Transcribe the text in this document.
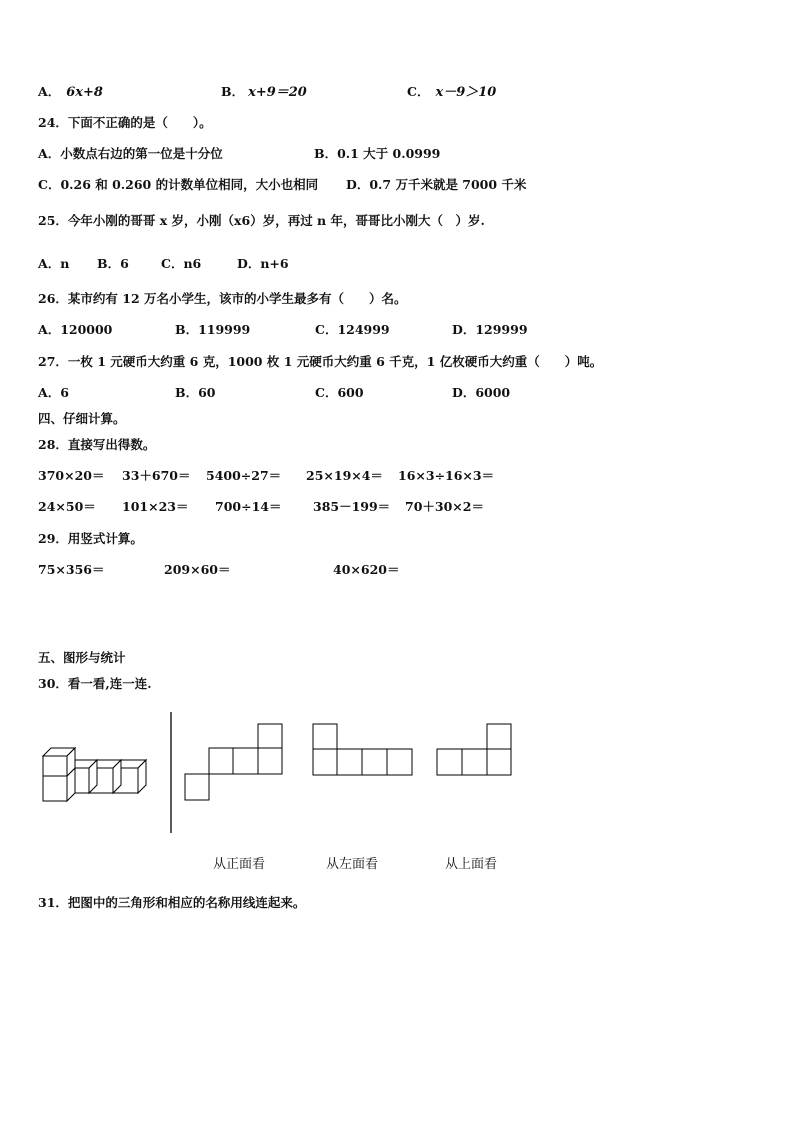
A． 6x+8	B． x+9＝20	C． x－9＞10
24．下面不正确的是（　　）。
A．小数点右边的第一位是十分位	B．0.1 大于 0.0999
C．0.26 和 0.260 的计数单位相同，大小也相同 D．0.7 万千米就是 7000 千米
25．今年小刚的哥哥 x 岁，小刚（x6）岁，再过 n 年，哥哥比小刚大（　）岁.
A．n B．6	C．n6	D．n+6
26．某市约有 12 万名小学生，该市的小学生最多有（　　）名。
A．120000	B．119999	C．124999	D．129999
27．一枚 1 元硬币大约重 6 克，1000 枚 1 元硬币大约重 6 千克，1 亿枚硬币大约重（　　）吨。
A．6	B．60	C．600	D．6000
四、仔细计算。
28．直接写出得数。
370×20＝ 33＋670＝ 5400÷27＝ 25×19×4＝ 16×3÷16×3＝
24×50＝ 101×23＝ 700÷14＝	385－199＝ 70＋30×2＝
29．用竖式计算。
75×356＝	209×60＝	40×620＝
五、图形与统计
30．看一看,连一连.
从正面看	从左面看	从上面看
31．把图中的三角形和相应的名称用线连起来。
